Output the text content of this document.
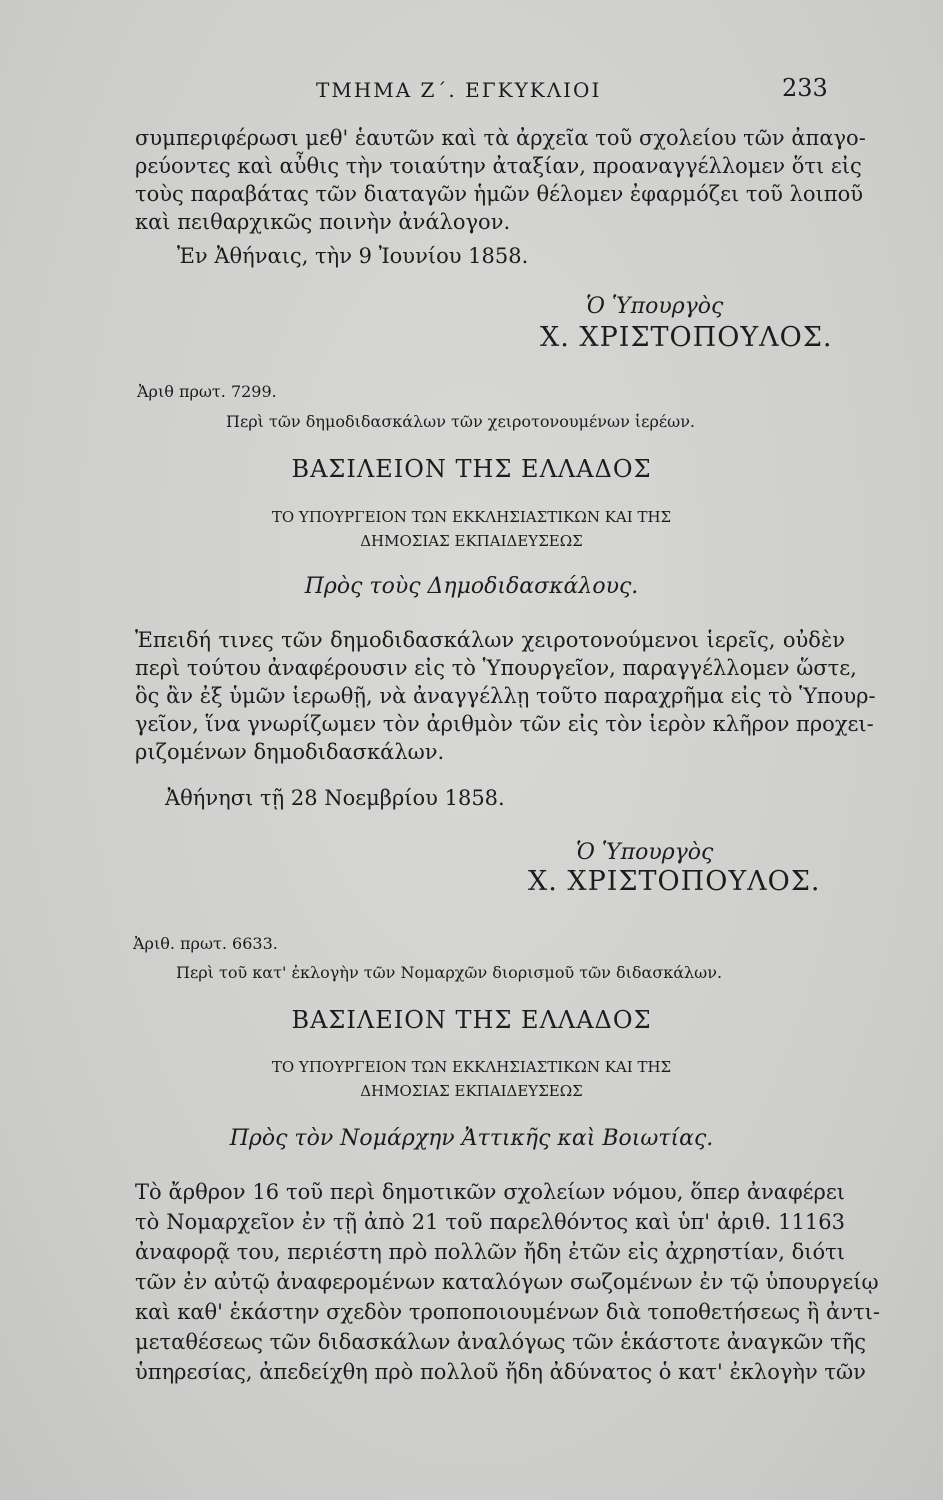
ΤΜΗΜΑ Ζ΄. ΕΓΚΥΚΛΙΟΙ	233
συμπεριφέρωσι μεθ' ἑαυτῶν καὶ τὰ ἀρχεῖα τοῦ σχολείου τῶν ἀπαγο-
ρεύοντες καὶ αὖθις τὴν τοιαύτην ἀταξίαν, προαναγγέλλομεν ὅτι εἰς
τοὺς παραβάτας τῶν διαταγῶν ἡμῶν θέλομεν ἐφαρμόζει τοῦ λοιποῦ
καὶ πειθαρχικῶς ποινὴν ἀνάλογον.
Ἐν Ἀθήναις, τὴν 9 Ἰουνίου 1858.
Ὁ Ὑπουργὸς
Χ. ΧΡΙΣΤΟΠΟΥΛΟΣ.
Ἀριθ πρωτ. 7299.
Περὶ τῶν δημοδιδασκάλων τῶν χειροτονουμένων ἱερέων.
ΒΑΣΙΛΕΙΟΝ ΤΗΣ ΕΛΛΑΔΟΣ
ΤΟ ΥΠΟΥΡΓΕΙΟΝ ΤΩΝ ΕΚΚΛΗΣΙΑΣΤΙΚΩΝ ΚΑΙ ΤΗΣ
ΔΗΜΟΣΙΑΣ ΕΚΠΑΙΔΕΥΣΕΩΣ
Πρὸς τοὺς Δημοδιδασκάλους.
Ἐπειδή τινες τῶν δημοδιδασκάλων χειροτονούμενοι ἱερεῖς, οὐδὲν
περὶ τούτου ἀναφέρουσιν εἰς τὸ Ὑπουργεῖον, παραγγέλλομεν ὥστε,
ὃς ἂν ἐξ ὑμῶν ἱερωθῇ, νὰ ἀναγγέλλῃ τοῦτο παραχρῆμα εἰς τὸ Ὑπουρ-
γεῖον, ἵνα γνωρίζωμεν τὸν ἀριθμὸν τῶν εἰς τὸν ἱερὸν κλῆρον προχει-
ριζομένων δημοδιδασκάλων.
Ἀθήνησι τῇ 28 Νοεμβρίου 1858.
Ὁ Ὑπουργὸς
Χ. ΧΡΙΣΤΟΠΟΥΛΟΣ.
Ἀριθ. πρωτ. 6633.
Περὶ τοῦ κατ' ἐκλογὴν τῶν Νομαρχῶν διορισμοῦ τῶν διδασκάλων.
ΒΑΣΙΛΕΙΟΝ ΤΗΣ ΕΛΛΑΔΟΣ
ΤΟ ΥΠΟΥΡΓΕΙΟΝ ΤΩΝ ΕΚΚΛΗΣΙΑΣΤΙΚΩΝ ΚΑΙ ΤΗΣ
ΔΗΜΟΣΙΑΣ ΕΚΠΑΙΔΕΥΣΕΩΣ
Πρὸς τὸν Νομάρχην Ἀττικῆς καὶ Βοιωτίας.
Τὸ ἄρθρον 16 τοῦ περὶ δημοτικῶν σχολείων νόμου, ὅπερ ἀναφέρει
τὸ Νομαρχεῖον ἐν τῇ ἀπὸ 21 τοῦ παρελθόντος καὶ ὑπ' ἀριθ. 11163
ἀναφορᾷ του, περιέστη πρὸ πολλῶν ἤδη ἐτῶν εἰς ἀχρηστίαν, διότι
τῶν ἐν αὐτῷ ἀναφερομένων καταλόγων σωζομένων ἐν τῷ ὑπουργείῳ
καὶ καθ' ἑκάστην σχεδὸν τροποποιουμένων διὰ τοποθετήσεως ἢ ἀντι-
μεταθέσεως τῶν διδασκάλων ἀναλόγως τῶν ἑκάστοτε ἀναγκῶν τῆς
ὑπηρεσίας, ἀπεδείχθη πρὸ πολλοῦ ἤδη ἀδύνατος ὁ κατ' ἐκλογὴν τῶν
